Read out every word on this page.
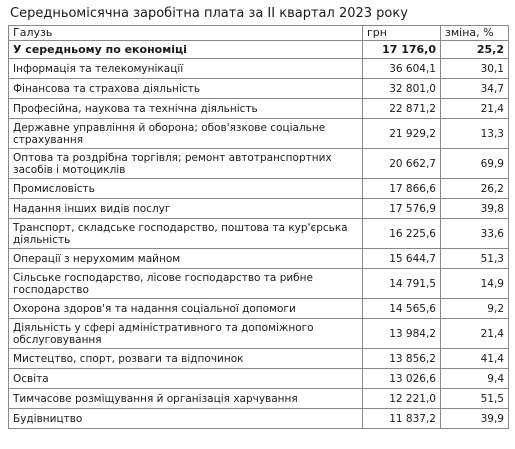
Середньомісячна заробітна плата за II квартал 2023 року
Галузь	грн	зміна, %
У середньому по економіці	17 176,0	25,2
Інформація та телекомунікації	36 604,1	30,1
Фінансова та страхова діяльність	32 801,0	34,7
Професійна, наукова та технічна діяльність	22 871,2	21,4
Державне управління й оборона; обов'язкове соціальне страхування	21 929,2	13,3
Оптова та роздрібна торгівля; ремонт автотранспортних засобів і мотоциклів	20 662,7	69,9
Промисловість	17 866,6	26,2
Надання інших видів послуг	17 576,9	39,8
Транспорт, складське господарство, поштова та кур'єрська діяльність	16 225,6	33,6
Операції з нерухомим майном	15 644,7	51,3
Сільське господарство, лісове господарство та рибне господарство	14 791,5	14,9
Охорона здоров'я та надання соціальної допомоги	14 565,6	9,2
Діяльність у сфері адміністративного та допоміжного обслуговування	13 984,2	21,4
Мистецтво, спорт, розваги та відпочинок	13 856,2	41,4
Освіта	13 026,6	9,4
Тимчасове розміщування й організація харчування	12 221,0	51,5
Будівництво	11 837,2	39,9
